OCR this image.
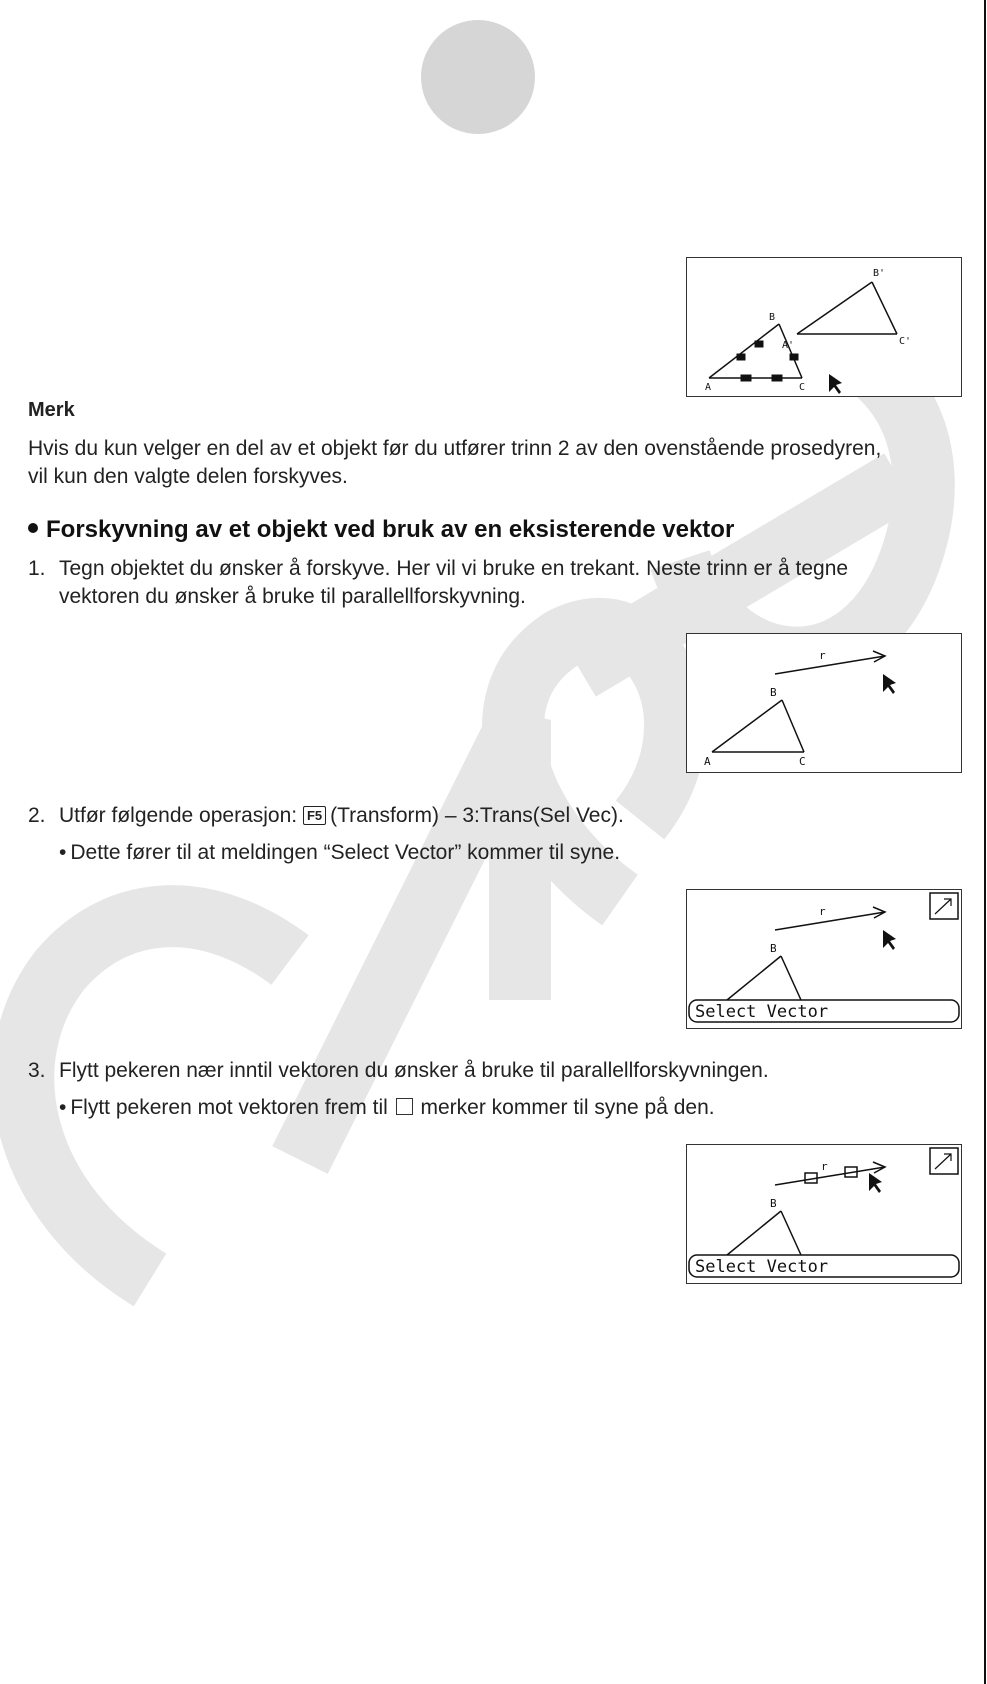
B'
B
A'	C'
A	C
Merk
Hvis du kun velger en del av et objekt før du utfører trinn 2 av den ovenstående prosedyren,
vil kun den valgte delen forskyves.
Forskyvning av et objekt ved bruk av en eksisterende vektor
1. Tegn objektet du ønsker å forskyve. Her vil vi bruke en trekant. Neste trinn er å tegne
vektoren du ønsker å bruke til parallellforskyvning.
r
B
A	C
2. Utfør følgende operasjon: F5 (Transform) – 3:Trans(Sel Vec).
• Dette fører til at meldingen “Select Vector” kommer til syne.
r
B
Select Vector
3. Flytt pekeren nær inntil vektoren du ønsker å bruke til parallellforskyvningen.
• Flytt pekeren mot vektoren frem til  merker kommer til syne på den.
r
B
Select Vector
